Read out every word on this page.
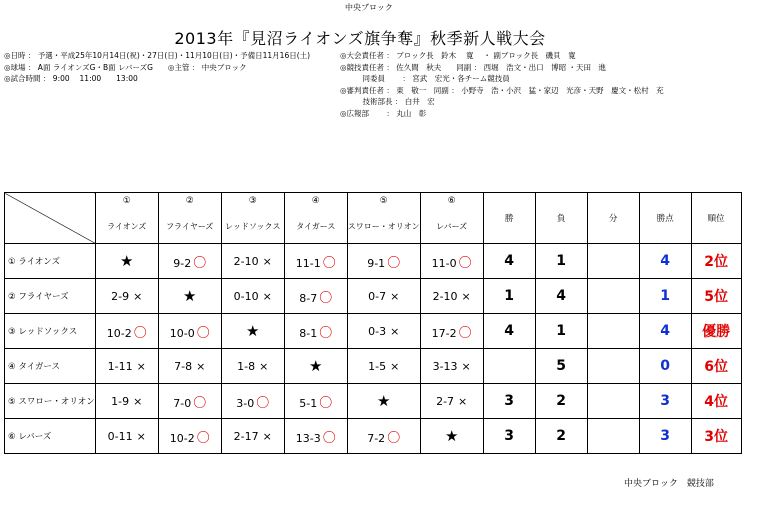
中央ブロック
2013年『見沼ライオンズ旗争奪』秋季新人戦大会
◎日時 ： 予選・平成25年10月14日(祝)・27日(日)・11月10日(日)・予備日11月16日(土)
◎球場 ： A面 ライオンズG・B面 レバーズG　　◎主管 ： 中央ブロック
◎試合時間 ： 9:00　 11:00　　13:00
◎大会責任者 ： ブロック長　鈴木　 寛　 ・ 副ブロック長　磯貝　寛
◎競技責任者 ： 佐久間　秋夫　　同副 ： 西堀　浩文・出口　博昭 ・天田　進
　　　同委員　　 ： 宮武　宏光・各チーム競技員
◎審判責任者 ： 東　敬一　同副 ： 小野寺　浩・小沢　猛・家辺　光彦・天野　慶文・松村　充
　　　技術部長 ： 白井　宏
◎広報部　　 ： 丸山　彰
	①	②	③	④	⑤	⑥	勝	負	分	勝点	順位
	ライオンズ	フライヤーズ	レッドソックス	タイガース	スワロー・オリオン	レバーズ					
① ライオンズ	★	9-2 〇	2-10 ×	11-1 〇	9-1 〇	11-0 〇	4	1		4	2位
② フライヤーズ	2-9 ×	★	0-10 ×	8-7 〇	0-7 ×	2-10 ×	1	4		1	5位
③ レッドソックス	10-2 〇	10-0 〇	★	8-1 〇	0-3 ×	17-2 〇	4	1		4	優勝
④ タイガース	1-11 ×	7-8 ×	1-8 ×	★	1-5 ×	3-13 ×		5		0	6位
⑤ スワロー・オリオン	1-9 ×	7-0 〇	3-0 〇	5-1 〇	★	2-7 ×	3	2		3	4位
⑥ レバーズ	0-11 ×	10-2 〇	2-17 ×	13-3 〇	7-2 〇	★	3	2		3	3位
中央ブロック　競技部
